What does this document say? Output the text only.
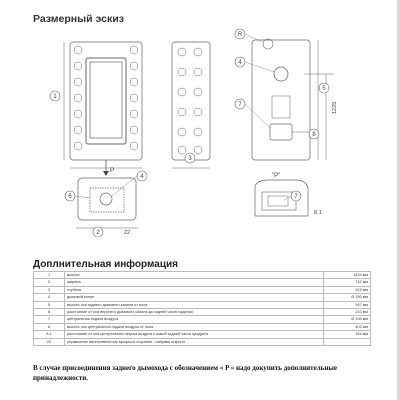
Размерный эскиз
1
3
R
4
7
5
8
4
6
2
7
22
8.1
P
"P"
1225
Доплнительная информация
1	высота	1404 мм
2	ширина	742 мм
3	глубина	515 мм
4	дымовой канал	Ø 150 мм
5	высота оси заднего дымового канала от пола	957 мм
6	расстояние от оси верхнего дымового канала до задней части изделия	210 мм
7	центральная подача воздуха	Ø 100 мм
8	высота оси центральной подачи воздуха от пола	402 мм
8.1	расстояние от оси центрального впуска воздуха к самой задней части продукта	164 мм
22	управление интенсивностью процесса сгорания - направо открыто	
В случае присоединения заднего дымохода с обозначением « P » надо докупить дополнительные принадлежности.
